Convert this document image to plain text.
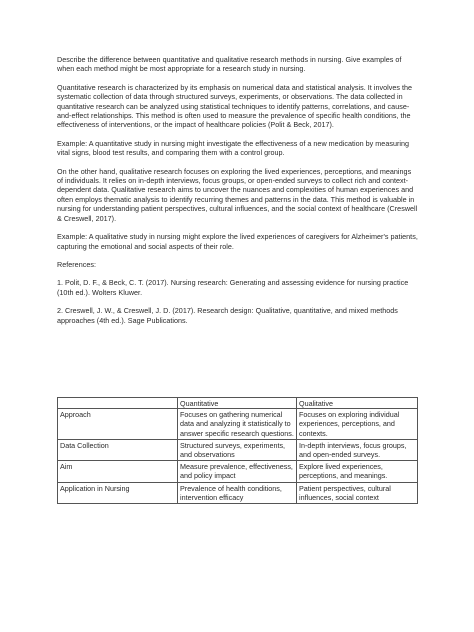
Describe the difference between quantitative and qualitative research methods in nursing. Give examples of when each method might be most appropriate for a research study in nursing.

Quantitative research is characterized by its emphasis on numerical data and statistical analysis. It involves the systematic collection of data through structured surveys, experiments, or observations. The data collected in quantitative research can be analyzed using statistical techniques to identify patterns, correlations, and cause-and-effect relationships. This method is often used to measure the prevalence of specific health conditions, the effectiveness of interventions, or the impact of healthcare policies (Polit & Beck, 2017).

Example: A quantitative study in nursing might investigate the effectiveness of a new medication by measuring vital signs, blood test results, and comparing them with a control group.

On the other hand, qualitative research focuses on exploring the lived experiences, perceptions, and meanings of individuals. It relies on in-depth interviews, focus groups, or open-ended surveys to collect rich and context-dependent data. Qualitative research aims to uncover the nuances and complexities of human experiences and often employs thematic analysis to identify recurring themes and patterns in the data. This method is valuable in nursing for understanding patient perspectives, cultural influences, and the social context of healthcare (Creswell & Creswell, 2017).

Example: A qualitative study in nursing might explore the lived experiences of caregivers for Alzheimer's patients, capturing the emotional and social aspects of their role.

References:

1. Polit, D. F., & Beck, C. T. (2017). Nursing research: Generating and assessing evidence for nursing practice (10th ed.). Wolters Kluwer.

2. Creswell, J. W., & Creswell, J. D. (2017). Research design: Qualitative, quantitative, and mixed methods approaches (4th ed.). Sage Publications.

	Quantitative	Qualitative
Approach	Focuses on gathering numerical data and analyzing it statistically to answer specific research questions.	Focuses on exploring individual experiences, perceptions, and contexts.
Data Collection	Structured surveys, experiments, and observations	In-depth interviews, focus groups, and open-ended surveys.
Aim	Measure prevalence, effectiveness, and policy impact	Explore lived experiences, perceptions, and meanings.
Application in Nursing	Prevalence of health conditions, intervention efficacy	Patient perspectives, cultural influences, social context
